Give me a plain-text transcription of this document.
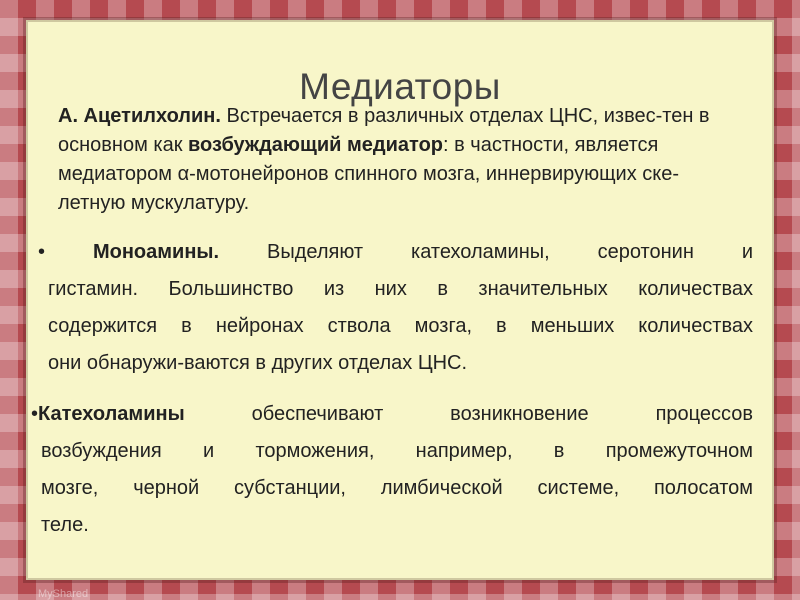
Медиаторы
А. Ацетилхолин. Встречается в различных отделах ЦНС, извес-тен в основном как возбуждающий медиатор: в частности, является медиатором α-мотонейронов спинного мозга, иннервирующих ске-летную мускулатуру.
• Моноамины. Выделяют катехоламины, серотонин и
гистамин. Большинство из них в значительных количествах
содержится в нейронах ствола мозга, в меньших количествах
они обнаружи-ваются в других отделах ЦНС.
•Катехоламины обеспечивают возникновение процессов
возбуждения и торможения, например, в промежуточном
мозге, черной субстанции, лимбической системе, полосатом
теле.
MyShared
